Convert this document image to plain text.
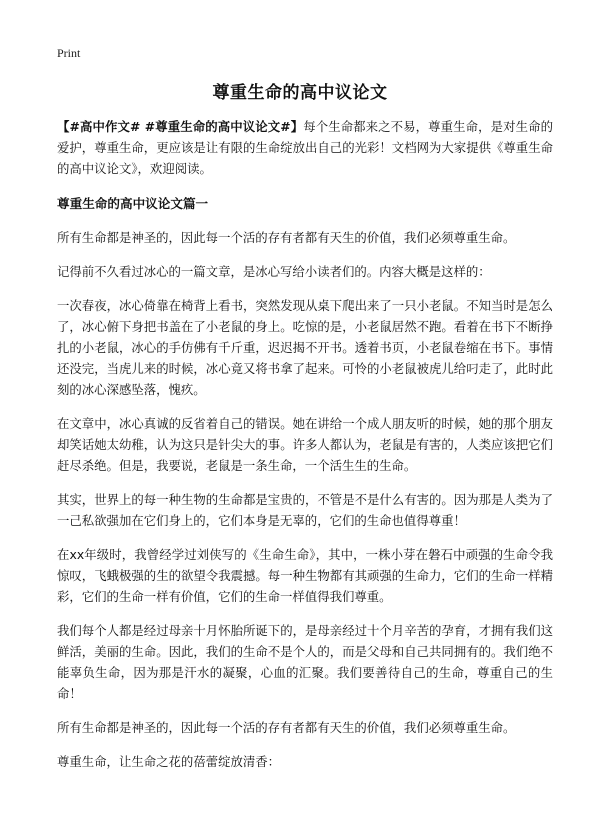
Print
尊重生命的高中议论文

【#高中作文# #尊重生命的高中议论文#】每个生命都来之不易，尊重生命，是对生命的爱护，尊重生命，更应该是让有限的生命绽放出自己的光彩！文档网为大家提供《尊重生命的高中议论文》，欢迎阅读。

尊重生命的高中议论文篇一

所有生命都是神圣的，因此每一个活的存有者都有天生的价值，我们必须尊重生命。

记得前不久看过冰心的一篇文章，是冰心写给小读者们的。内容大概是这样的：

一次春夜，冰心倚靠在椅背上看书，突然发现从桌下爬出来了一只小老鼠。不知当时是怎么了，冰心俯下身把书盖在了小老鼠的身上。吃惊的是，小老鼠居然不跑。看着在书下不断挣扎的小老鼠，冰心的手仿佛有千斤重，迟迟揭不开书。透着书页，小老鼠卷缩在书下。事情还没完，当虎儿来的时候，冰心竟又将书拿了起来。可怜的小老鼠被虎儿给叼走了，此时此刻的冰心深感坠落，愧疚。

在文章中，冰心真诚的反省着自己的错误。她在讲给一个成人朋友听的时候，她的那个朋友却笑话她太幼稚，认为这只是针尖大的事。许多人都认为，老鼠是有害的，人类应该把它们赶尽杀绝。但是，我要说，老鼠是一条生命，一个活生生的生命。

其实，世界上的每一种生物的生命都是宝贵的，不管是不是什么有害的。因为那是人类为了一己私欲强加在它们身上的，它们本身是无辜的，它们的生命也值得尊重！

在xx年级时，我曾经学过刘侠写的《生命生命》，其中，一株小芽在磐石中顽强的生命令我惊叹，飞蛾极强的生的欲望令我震撼。每一种生物都有其顽强的生命力，它们的生命一样精彩，它们的生命一样有价值，它们的生命一样值得我们尊重。

我们每个人都是经过母亲十月怀胎所诞下的，是母亲经过十个月辛苦的孕育，才拥有我们这鲜活，美丽的生命。因此，我们的生命不是个人的，而是父母和自己共同拥有的。我们绝不能辜负生命，因为那是汗水的凝聚，心血的汇聚。我们要善待自己的生命，尊重自己的生命！

所有生命都是神圣的，因此每一个活的存有者都有天生的价值，我们必须尊重生命。

尊重生命，让生命之花的蓓蕾绽放清香：
